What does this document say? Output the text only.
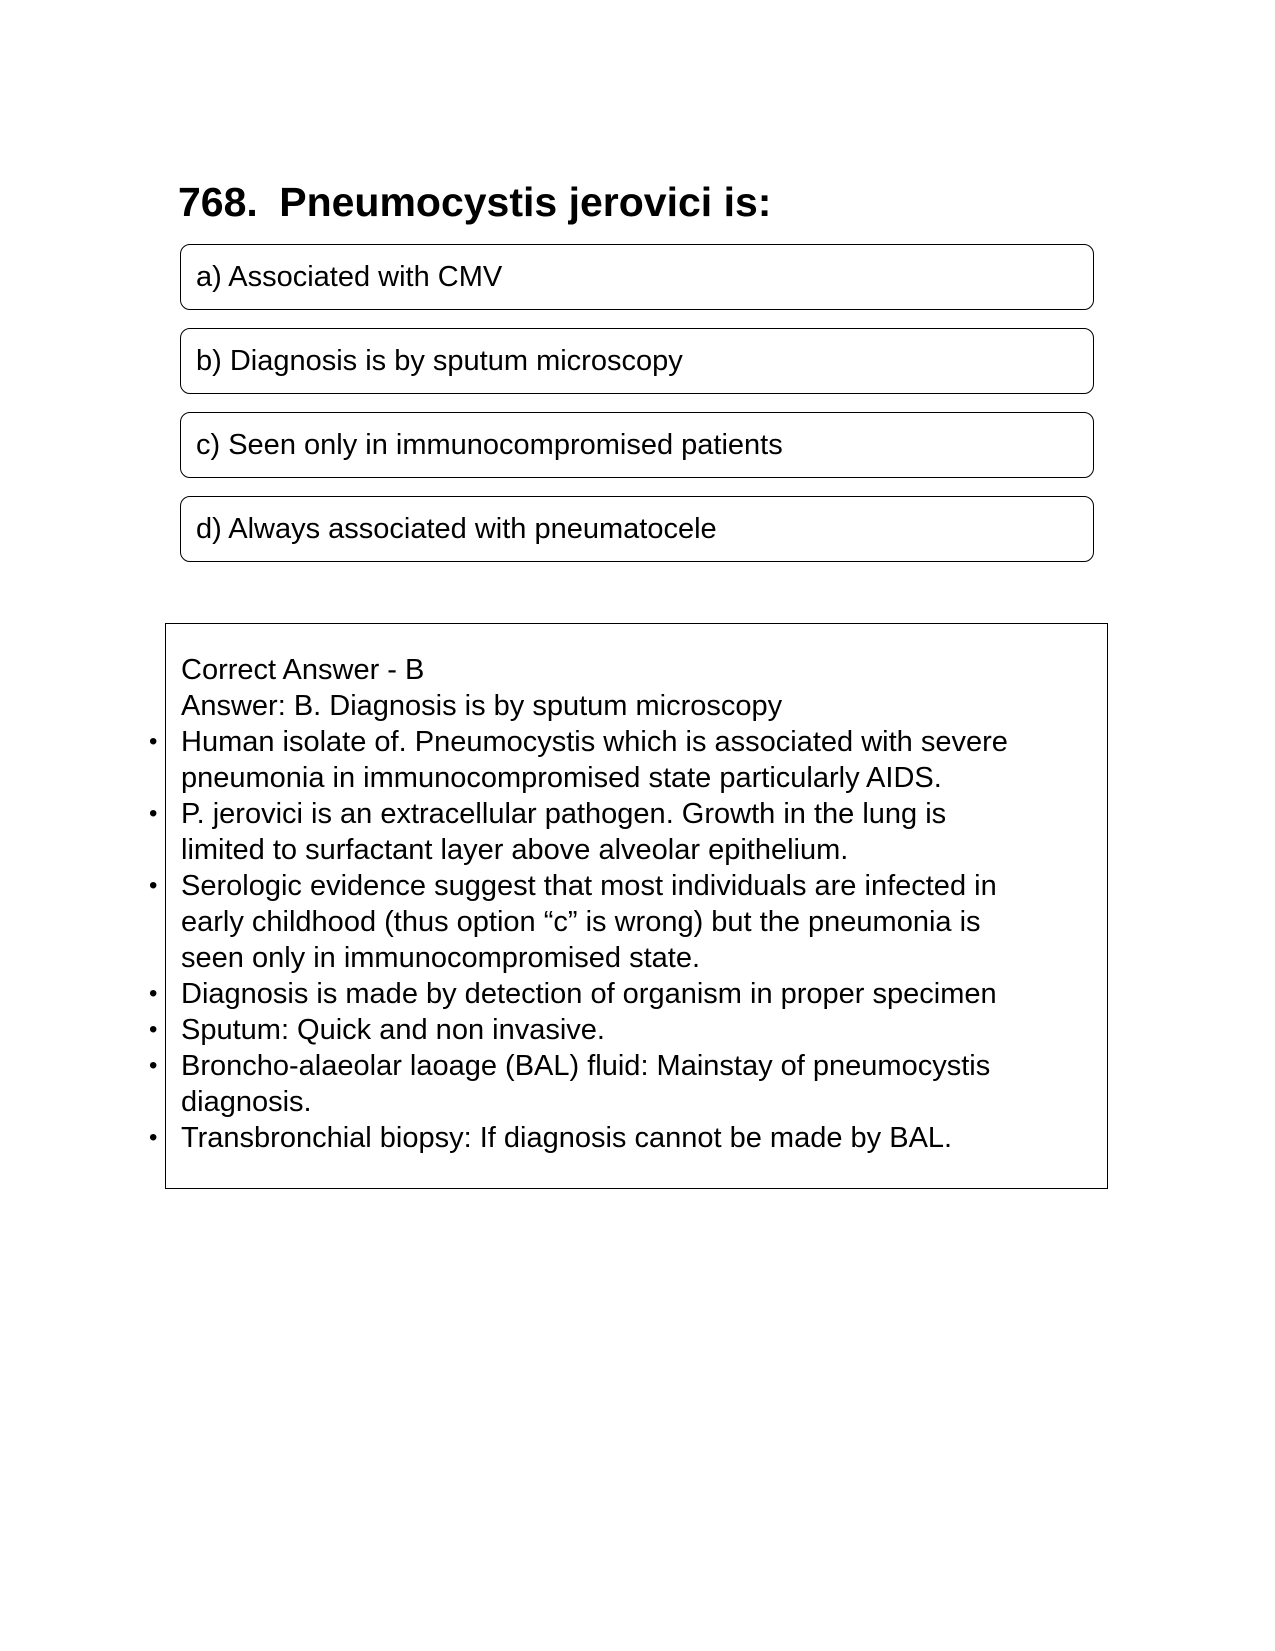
768. Pneumocystis jerovici is:
a) Associated with CMV
b) Diagnosis is by sputum microscopy
c) Seen only in immunocompromised patients
d) Always associated with pneumatocele
Correct Answer - B
Answer: B. Diagnosis is by sputum microscopy
• Human isolate of. Pneumocystis which is associated with severe
pneumonia in immunocompromised state particularly AIDS.
• P. jerovici is an extracellular pathogen. Growth in the lung is
limited to surfactant layer above alveolar epithelium.
• Serologic evidence suggest that most individuals are infected in
early childhood (thus option “c” is wrong) but the pneumonia is
seen only in immunocompromised state.
• Diagnosis is made by detection of organism in proper specimen
• Sputum: Quick and non invasive.
• Broncho-alaeolar laoage (BAL) fluid: Mainstay of pneumocystis
diagnosis.
• Transbronchial biopsy: If diagnosis cannot be made by BAL.
